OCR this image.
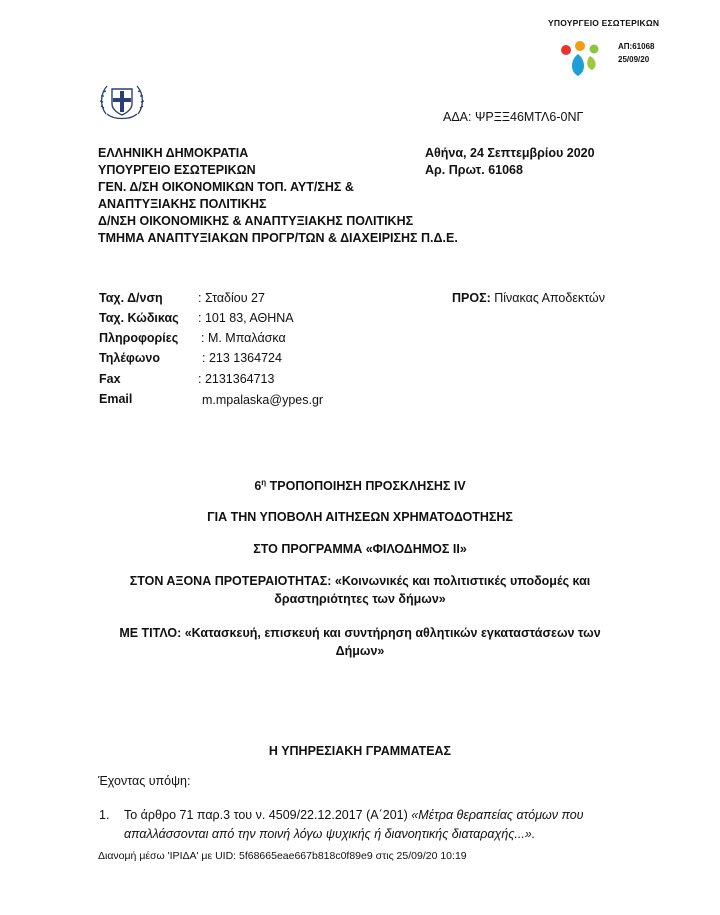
ΥΠΟΥΡΓΕΙΟ ΕΣΩΤΕΡΙΚΩΝ
ΑΠ:61068
25/09/20
ΑΔΑ: ΨΡΞΞ46ΜΤΛ6-0ΝΓ
ΕΛΛΗΝΙΚΗ ΔΗΜΟΚΡΑΤΙΑ
ΥΠΟΥΡΓΕΙΟ ΕΣΩΤΕΡΙΚΩΝ
ΓΕΝ. Δ/ΣΗ ΟΙΚΟΝΟΜΙΚΩΝ ΤΟΠ. ΑΥΤ/ΣΗΣ &
ΑΝΑΠΤΥΞΙΑΚΗΣ ΠΟΛΙΤΙΚΗΣ
Δ/ΝΣΗ ΟΙΚΟΝΟΜΙΚΗΣ & ΑΝΑΠΤΥΞΙΑΚΗΣ ΠΟΛΙΤΙΚΗΣ
ΤΜΗΜΑ ΑΝΑΠΤΥΞΙΑΚΩΝ ΠΡΟΓΡ/ΤΩΝ & ΔΙΑΧΕΙΡΙΣΗΣ Π.Δ.Ε.
Αθήνα, 24 Σεπτεμβρίου 2020
Αρ. Πρωτ. 61068
Ταχ. Δ/νση	: Σταδίου 27
Ταχ. Κώδικας : 101 83, ΑΘΗΝΑ
Πληροφορίες : Μ. Μπαλάσκα
Τηλέφωνο	: 213 1364724
Fax	: 2131364713
Email	m.mpalaska@ypes.gr
ΠΡΟΣ: Πίνακας Αποδεκτών
$6^\eta$ ΤΡΟΠΟΠΟΙΗΣΗ ΠΡΟΣΚΛΗΣΗΣ IV
ΓΙΑ ΤΗΝ ΥΠΟΒΟΛΗ ΑΙΤΗΣΕΩΝ ΧΡΗΜΑΤΟΔΟΤΗΣΗΣ
ΣΤΟ ΠΡΟΓΡΑΜΜΑ «ΦΙΛΟΔΗΜΟΣ ΙΙ»
ΣΤΟΝ ΑΞΟΝΑ ΠΡΟΤΕΡΑΙΟΤΗΤΑΣ: «Κοινωνικές και πολιτιστικές υποδομές και
δραστηριότητες των δήμων»
ΜΕ ΤΙΤΛΟ: «Κατασκευή, επισκευή και συντήρηση αθλητικών εγκαταστάσεων των
Δήμων»
Η ΥΠΗΡΕΣΙΑΚΗ ΓΡΑΜΜΑΤΕΑΣ
Έχοντας υπόψη:
1. Το άρθρο 71 παρ.3 του ν. 4509/22.12.2017 (Α΄201) «Μέτρα θεραπείας ατόμων που
απαλλάσσονται από την ποινή λόγω ψυχικής ή διανοητικής διαταραχής...».
Διανομή μέσω 'ΙΡΙΔΑ' με UID: 5f68665eae667b818c0f89e9 στις 25/09/20 10:19
